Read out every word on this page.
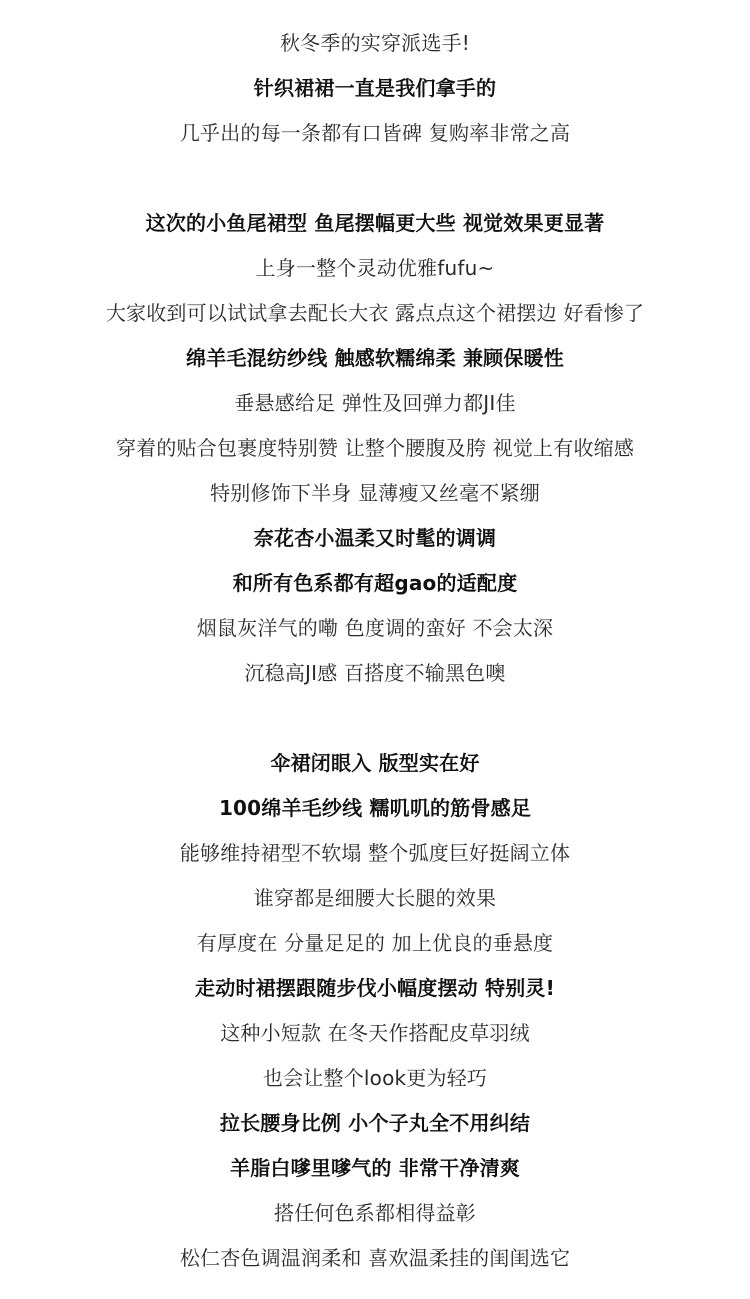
秋冬季的实穿派选手!
针织裙裙一直是我们拿手的
几乎出的每一条都有口皆碑 复购率非常之高
这次的小鱼尾裙型 鱼尾摆幅更大些 视觉效果更显著
上身一整个灵动优雅fufu~
大家收到可以试试拿去配长大衣 露点点这个裙摆边 好看惨了
绵羊毛混纺纱线 触感软糯绵柔 兼顾保暖性
垂悬感给足 弹性及回弹力都JI佳
穿着的贴合包裹度特别赞 让整个腰腹及胯 视觉上有收缩感
特别修饰下半身 显薄瘦又丝毫不紧绷
奈花杏小温柔又时髦的调调
和所有色系都有超gao的适配度
烟鼠灰洋气的嘞 色度调的蛮好 不会太深
沉稳高JI感 百搭度不输黑色噢
伞裙闭眼入 版型实在好
100绵羊毛纱线 糯叽叽的筋骨感足
能够维持裙型不软塌 整个弧度巨好挺阔立体
谁穿都是细腰大长腿的效果
有厚度在 分量足足的 加上优良的垂悬度
走动时裙摆跟随步伐小幅度摆动 特别灵!
这种小短款 在冬天作搭配皮草羽绒
也会让整个look更为轻巧
拉长腰身比例 小个子丸全不用纠结
羊脂白嗲里嗲气的 非常干净清爽
搭任何色系都相得益彰
松仁杏色调温润柔和 喜欢温柔挂的闺闺选它
